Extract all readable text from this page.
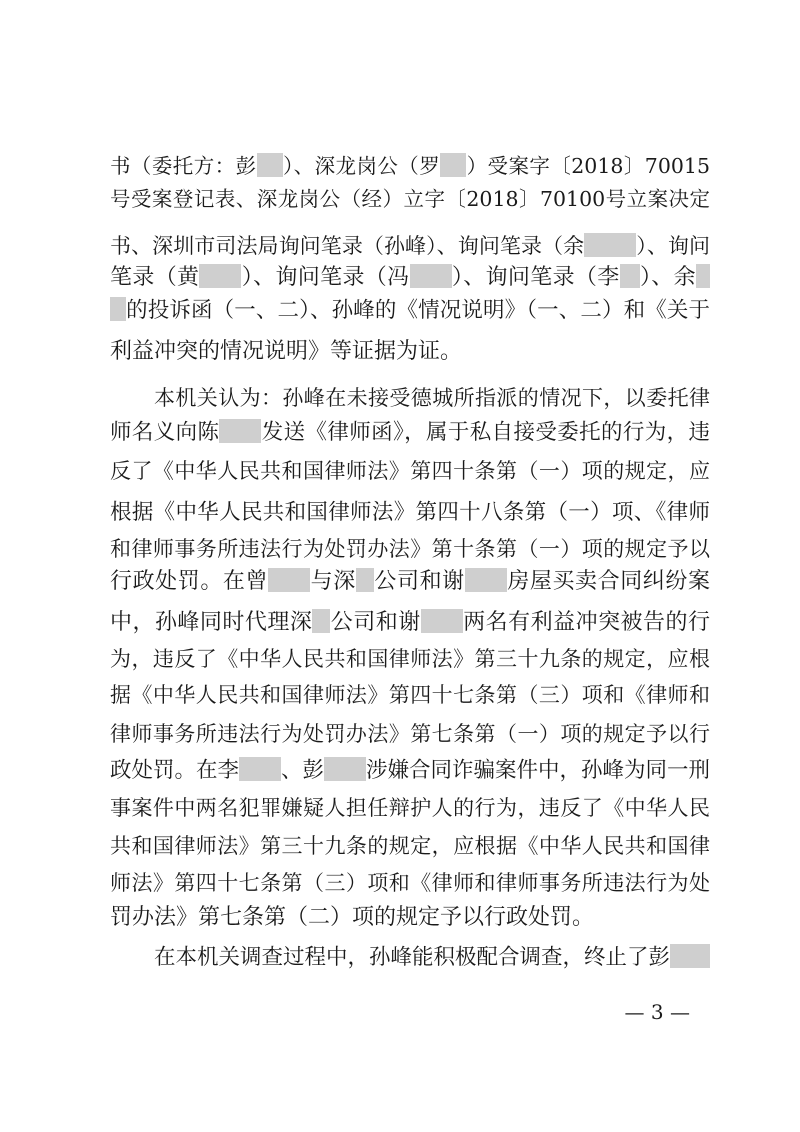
书（委托方：彭 ）、深龙岗公（罗 ）受案字〔2018〕70015
号受案登记表、深龙岗公（经）立字〔2018〕70100号立案决定
书、深圳市司法局询问笔录（孙峰）、询问笔录（余 ）、询问
笔录（黄 ）、询问笔录（冯 ）、询问笔录（李 ）、余
的投诉函（一、二）、孙峰的《情况说明》（一、二）和《关于
利益冲突的情况说明》等证据为证。
本机关认为：孙峰在未接受德城所指派的情况下，以委托律
师名义向陈 发送《律师函》，属于私自接受委托的行为，违
反了《中华人民共和国律师法》第四十条第（一）项的规定，应
根据《中华人民共和国律师法》第四十八条第（一）项、《律师
和律师事务所违法行为处罚办法》第十条第（一）项的规定予以
行政处罚。在曾 与深 公司和谢 房屋买卖合同纠纷案
中，孙峰同时代理深 公司和谢 两名有利益冲突被告的行
为，违反了《中华人民共和国律师法》第三十九条的规定，应根
据《中华人民共和国律师法》第四十七条第（三）项和《律师和
律师事务所违法行为处罚办法》第七条第（一）项的规定予以行
政处罚。在李 、彭 涉嫌合同诈骗案件中，孙峰为同一刑
事案件中两名犯罪嫌疑人担任辩护人的行为，违反了《中华人民
共和国律师法》第三十九条的规定，应根据《中华人民共和国律
师法》第四十七条第（三）项和《律师和律师事务所违法行为处
罚办法》第七条第（二）项的规定予以行政处罚。
在本机关调查过程中，孙峰能积极配合调查，终止了彭
— 3 —
